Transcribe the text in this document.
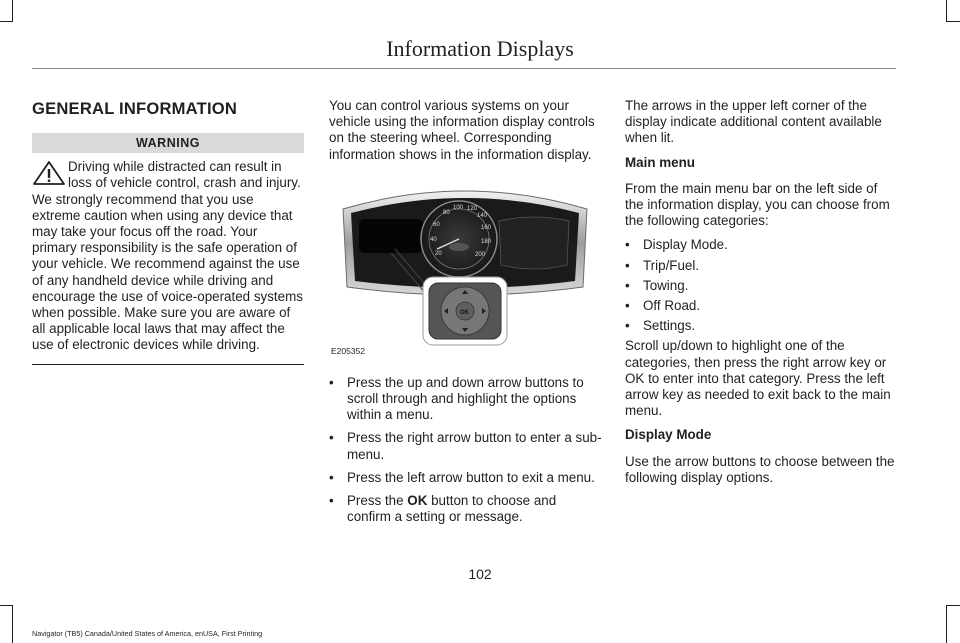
Information Displays
GENERAL INFORMATION
WARNING

Driving while distracted can result in loss of vehicle control, crash and injury. We strongly recommend that you use extreme caution when using any device that may take your focus off the road. Your primary responsibility is the safe operation of your vehicle. We recommend against the use of any handheld device while driving and encourage the use of voice-operated systems when possible. Make sure you are aware of all applicable local laws that may affect the use of electronic devices while driving.

You can control various systems on your vehicle using the information display controls on the steering wheel. Corresponding information shows in the information display.

20
40
60
80
100 120
140
160
180
200
OK
E205352
• Press the up and down arrow buttons to scroll through and highlight the options within a menu.
• Press the right arrow button to enter a sub-menu.
• Press the left arrow button to exit a menu.
• Press the OK button to choose and confirm a setting or message.

The arrows in the upper left corner of the display indicate additional content available when lit.

Main menu

From the main menu bar on the left side of the information display, you can choose from the following categories:

• Display Mode.
• Trip/Fuel.
• Towing.
• Off Road.
• Settings.

Scroll up/down to highlight one of the categories, then press the right arrow key or OK to enter into that category. Press the left arrow key as needed to exit back to the main menu.

Display Mode

Use the arrow buttons to choose between the following display options.

102
Navigator (TB5) Canada/United States of America, enUSA, First Printing
